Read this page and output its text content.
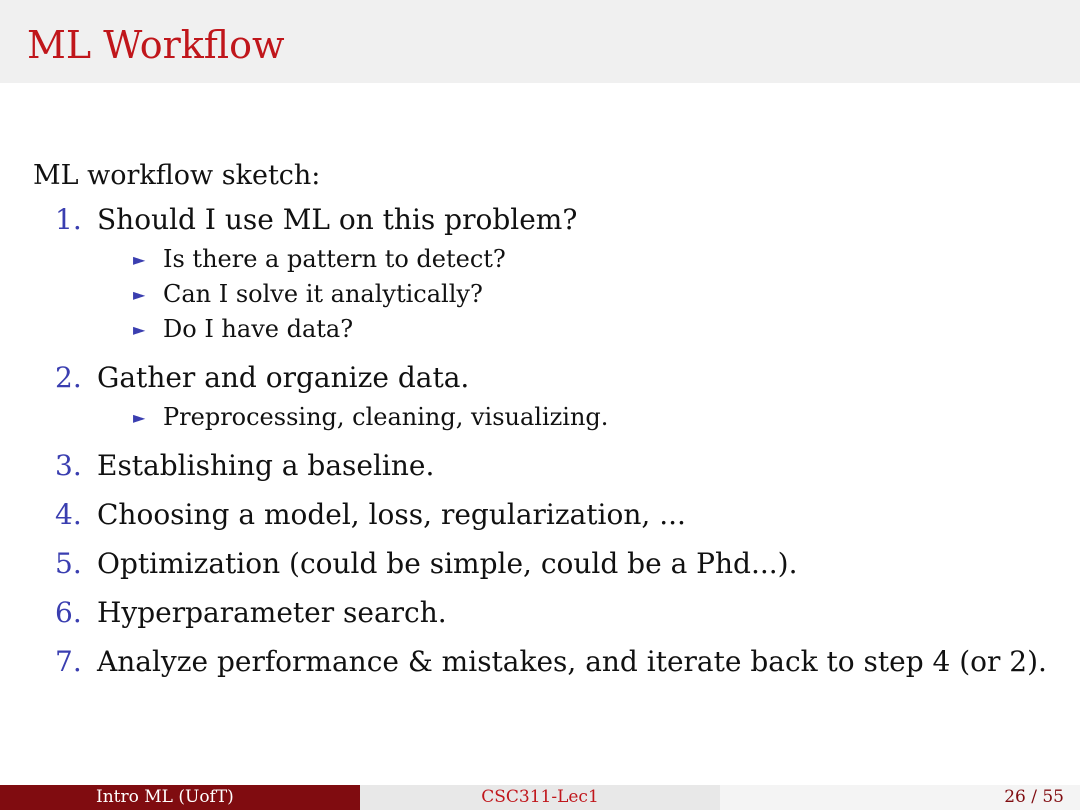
ML Workflow
ML workflow sketch:
1. Should I use ML on this problem?
► Is there a pattern to detect?
► Can I solve it analytically?
► Do I have data?
2. Gather and organize data.
► Preprocessing, cleaning, visualizing.
3. Establishing a baseline.
4. Choosing a model, loss, regularization, ...
5. Optimization (could be simple, could be a Phd...).
6. Hyperparameter search.
7. Analyze performance & mistakes, and iterate back to step 4 (or 2).
Intro ML (UofT)	CSC311-Lec1	26 / 55
